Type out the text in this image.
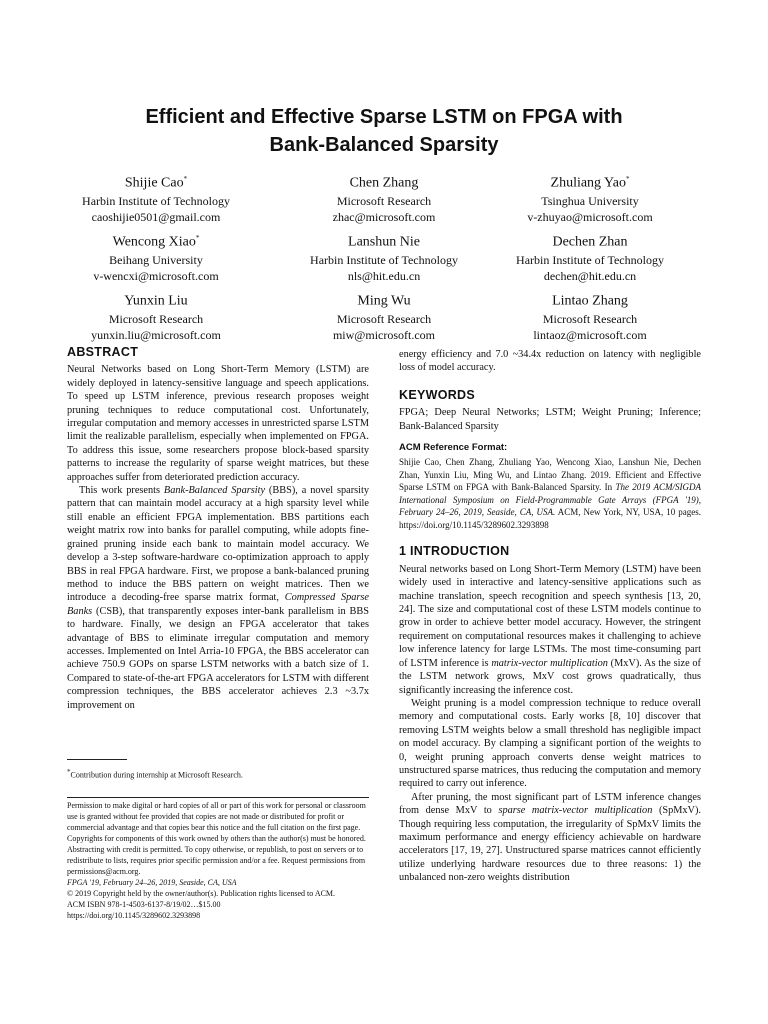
Efficient and Effective Sparse LSTM on FPGA with
Bank-Balanced Sparsity
Shijie Cao*
Harbin Institute of Technology
caoshijie0501@gmail.com
Chen Zhang
Microsoft Research
zhac@microsoft.com
Zhuliang Yao*
Tsinghua University
v-zhuyao@microsoft.com
Wencong Xiao*
Beihang University
v-wencxi@microsoft.com
Lanshun Nie
Harbin Institute of Technology
nls@hit.edu.cn
Dechen Zhan
Harbin Institute of Technology
dechen@hit.edu.cn
Yunxin Liu
Microsoft Research
yunxin.liu@microsoft.com
Ming Wu
Microsoft Research
miw@microsoft.com
Lintao Zhang
Microsoft Research
lintaoz@microsoft.com
ABSTRACT

Neural Networks based on Long Short-Term Memory (LSTM) are widely deployed in latency-sensitive language and speech applications. To speed up LSTM inference, previous research proposes weight pruning techniques to reduce computational cost. Unfortunately, irregular computation and memory accesses in unrestricted sparse LSTM limit the realizable parallelism, especially when implemented on FPGA. To address this issue, some researchers propose block-based sparsity patterns to increase the regularity of sparse weight matrices, but these approaches suffer from deteriorated prediction accuracy.

This work presents Bank-Balanced Sparsity (BBS), a novel sparsity pattern that can maintain model accuracy at a high sparsity level while still enable an efficient FPGA implementation. BBS partitions each weight matrix row into banks for parallel computing, while adopts fine-grained pruning inside each bank to maintain model accuracy. We develop a 3-step software-hardware co-optimization approach to apply BBS in real FPGA hardware. First, we propose a bank-balanced pruning method to induce the BBS pattern on weight matrices. Then we introduce a decoding-free sparse matrix format, Compressed Sparse Banks (CSB), that transparently exposes inter-bank parallelism in BBS to hardware. Finally, we design an FPGA accelerator that takes advantage of BBS to eliminate irregular computation and memory accesses. Implemented on Intel Arria-10 FPGA, the BBS accelerator can achieve 750.9 GOPs on sparse LSTM networks with a batch size of 1. Compared to state-of-the-art FPGA accelerators for LSTM with different compression techniques, the BBS accelerator achieves 2.3 ~3.7x improvement on

*Contribution during internship at Microsoft Research.
Permission to make digital or hard copies of all or part of this work for personal or classroom use is granted without fee provided that copies are not made or distributed for profit or commercial advantage and that copies bear this notice and the full citation on the first page. Copyrights for components of this work owned by others than the author(s) must be honored. Abstracting with credit is permitted. To copy otherwise, or republish, to post on servers or to redistribute to lists, requires prior specific permission and/or a fee. Request permissions from permissions@acm.org.
FPGA '19, February 24–26, 2019, Seaside, CA, USA
© 2019 Copyright held by the owner/author(s). Publication rights licensed to ACM.
ACM ISBN 978-1-4503-6137-8/19/02…$15.00
https://doi.org/10.1145/3289602.3293898

energy efficiency and 7.0 ~34.4x reduction on latency with negligible loss of model accuracy.

KEYWORDS

FPGA; Deep Neural Networks; LSTM; Weight Pruning; Inference; Bank-Balanced Sparsity

ACM Reference Format:

Shijie Cao, Chen Zhang, Zhuliang Yao, Wencong Xiao, Lanshun Nie, Dechen Zhan, Yunxin Liu, Ming Wu, and Lintao Zhang. 2019. Efficient and Effective Sparse LSTM on FPGA with Bank-Balanced Sparsity. In The 2019 ACM/SIGDA International Symposium on Field-Programmable Gate Arrays (FPGA '19), February 24–26, 2019, Seaside, CA, USA. ACM, New York, NY, USA, 10 pages. https://doi.org/10.1145/3289602.3293898

1 INTRODUCTION

Neural networks based on Long Short-Term Memory (LSTM) have been widely used in interactive and latency-sensitive applications such as machine translation, speech recognition and speech synthesis [13, 20, 24]. The size and computational cost of these LSTM models continue to grow in order to achieve better model accuracy. However, the stringent requirement on computational resources makes it challenging to achieve low inference latency for large LSTMs. The most time-consuming part of LSTM inference is matrix-vector multiplication (MxV). As the size of the LSTM network grows, MxV cost grows quadratically, thus significantly increasing the inference cost.

Weight pruning is a model compression technique to reduce overall memory and computational costs. Early works [8, 10] discover that removing LSTM weights below a small threshold has negligible impact on model accuracy. By clamping a significant portion of the weights to 0, weight pruning approach converts dense weight matrices to unstructured sparse matrices, thus reducing the computation and memory required to carry out inference.

After pruning, the most significant part of LSTM inference changes from dense MxV to sparse matrix-vector multiplication (SpMxV). Though requiring less computation, the irregularity of SpMxV limits the maximum performance and energy efficiency achievable on hardware accelerators [17, 19, 27]. Unstructured sparse matrices cannot efficiently utilize underlying hardware resources due to three reasons: 1) the unbalanced non-zero weights distribution
